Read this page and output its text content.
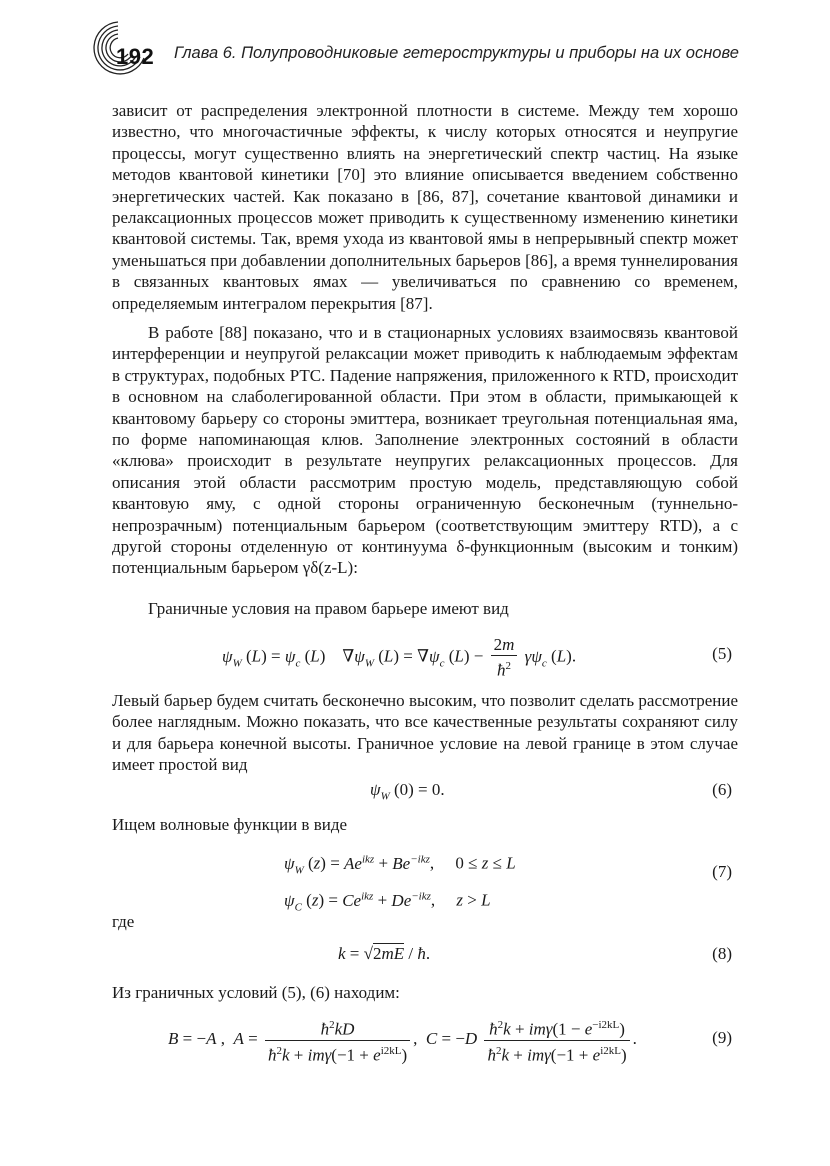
192 Глава 6. Полупроводниковые гетероструктуры и приборы на их основе

зависит от распределения электронной плотности в системе. Между тем хорошо известно, что многочастичные эффекты, к числу которых относятся и неупругие процессы, могут существенно влиять на энергетический спектр частиц. На языке методов квантовой кинетики [70] это влияние описывается введением собственно энергетических частей. Как показано в [86, 87], сочетание квантовой динамики и релаксационных процессов может приводить к существенному изменению кинетики квантовой системы. Так, время ухода из квантовой ямы в непрерывный спектр может уменьшаться при добавлении дополнительных барьеров [86], а время туннелирования в связанных квантовых ямах — увеличиваться по сравнению со временем, определяемым интегралом перекрытия [87].

В работе [88] показано, что и в стационарных условиях взаимосвязь квантовой интерференции и неупругой релаксации может приводить к наблюдаемым эффектам в структурах, подобных РТС. Падение напряжения, приложенного к RTD, происходит в основном на слаболегированной области. При этом в области, примыкающей к квантовому барьеру со стороны эмиттера, возникает треугольная потенциальная яма, по форме напоминающая клюв. Заполнение электронных состояний в области «клюва» происходит в результате неупругих релаксационных процессов. Для описания этой области рассмотрим простую модель, представляющую собой квантовую яму, с одной стороны ограниченную бесконечным (туннельно-непрозрачным) потенциальным барьером (соответствующим эмиттеру RTD), а с другой стороны отделенную от континуума δ-функционным (высоким и тонким) потенциальным барьером γδ(z-L):

Граничные условия на правом барьере имеют вид

$\psi_W$ $(L) = \psi_c$ (L)    $\nabla\psi_W$ $(L) = \nabla\psi_c$ $(L) - \frac{2m}{ħ^2} \gamma\psi_c$ (L).	(5)

Левый барьер будем считать бесконечно высоким, что позволит сделать рассмотрение более наглядным. Можно показать, что все качественные результаты сохраняют силу и для барьера конечной высоты. Граничное условие на левой границе в этом случае имеет простой вид

$\psi_W$ (0) = 0.	(6)

Ищем волновые функции в виде

$\psi_W$ $(z) = Ae^{ikz} + Be^{-ikz}$,     0 ≤ z ≤ L
$\psi_C$ $(z) = Ce^{ikz} + De^{-ikz}$,     z > L
(7)

где

k = √2mE / ħ.	(8)

Из граничных условий (5), (6) находим:

B = −A ,  $A = \frac{ħ^2kD}{ħ^2k + im\gamma(-1 + e^{i2kL})}$ ,  $C = -D \frac{ħ^2k + im\gamma(1 - e^{-i2kL})}{ħ^2k + im\gamma(-1 + e^{i2kL})}$ .	(9)
